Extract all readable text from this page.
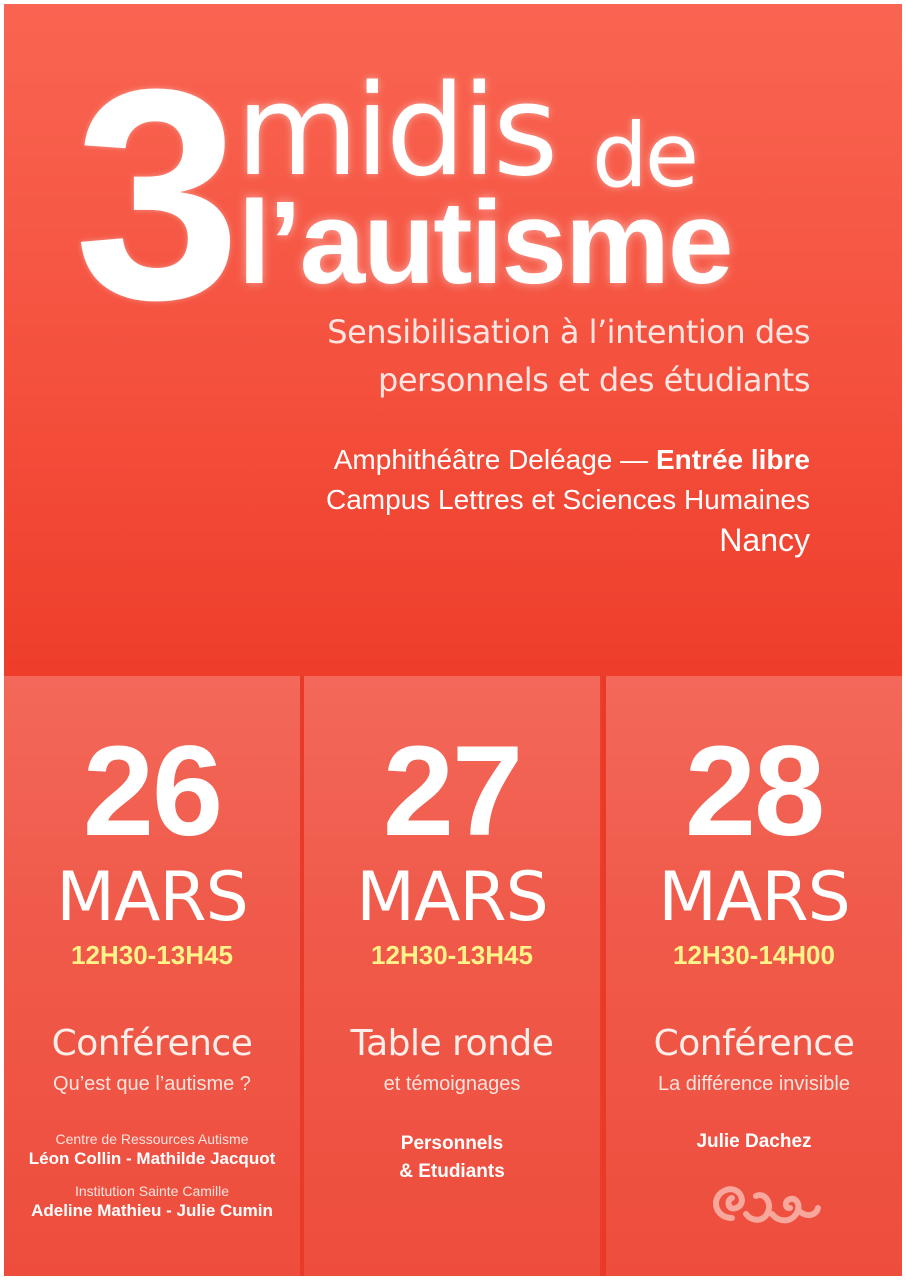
3 midis de
l’autisme
Sensibilisation à l’intention des
personnels et des étudiants
Amphithéâtre Deléage — Entrée libre
Campus Lettres et Sciences Humaines
Nancy
26
MARS
12H30-13H45
Conférence
Qu’est que l’autisme ?
Centre de Ressources Autisme
Léon Collin - Mathilde Jacquot
Institution Sainte Camille
Adeline Mathieu - Julie Cumin
27
MARS
12H30-13H45
Table ronde
et témoignages
Personnels
& Etudiants
28
MARS
12H30-14H00
Conférence
La différence invisible
Julie Dachez
